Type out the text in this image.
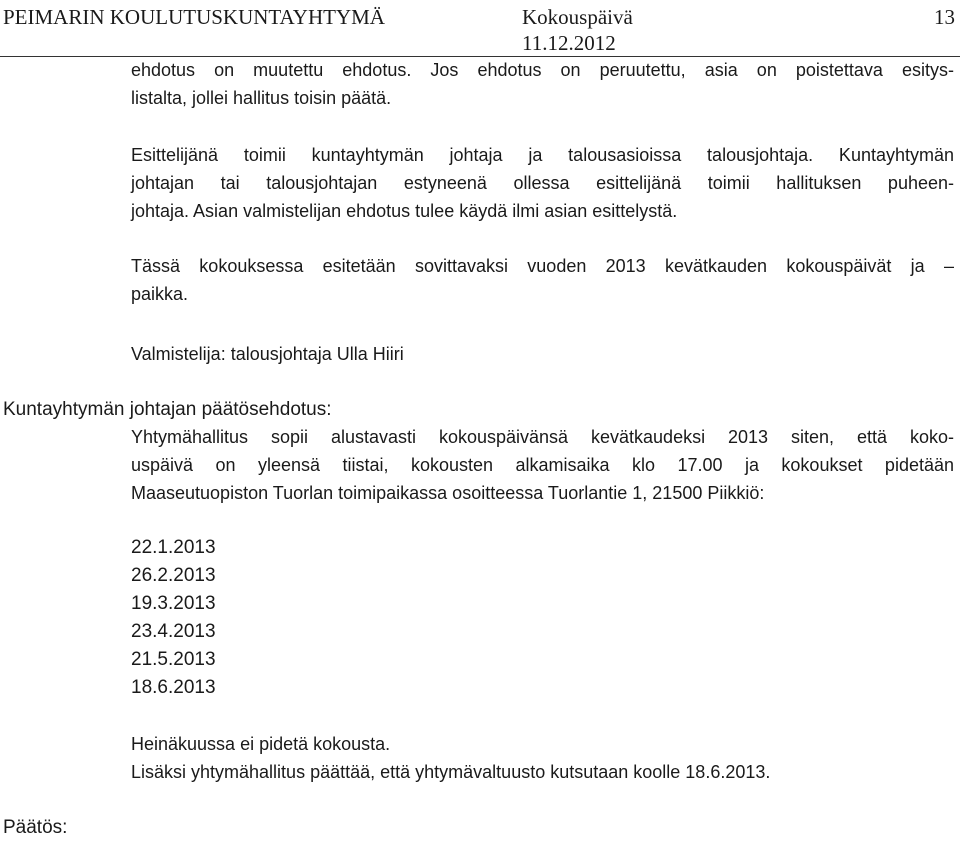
PEIMARIN KOULUTUSKUNTAYHTYMÄ	Kokouspäivä
11.12.2012
13
ehdotus on muutettu ehdotus. Jos ehdotus on peruutettu, asia on poistettava esitys-
listalta, jollei hallitus toisin päätä.
Esittelijänä toimii kuntayhtymän johtaja ja talousasioissa talousjohtaja. Kuntayhtymän
johtajan tai talousjohtajan estyneenä ollessa esittelijänä toimii hallituksen puheen-
johtaja. Asian valmistelijan ehdotus tulee käydä ilmi asian esittelystä.
Tässä kokouksessa esitetään sovittavaksi vuoden 2013 kevätkauden kokouspäivät ja –
paikka.
Valmistelija: talousjohtaja Ulla Hiiri
Kuntayhtymän johtajan päätösehdotus:
Yhtymähallitus sopii alustavasti kokouspäivänsä kevätkaudeksi 2013 siten, että koko-
uspäivä on yleensä tiistai, kokousten alkamisaika klo 17.00 ja kokoukset pidetään
Maaseutuopiston Tuorlan toimipaikassa osoitteessa Tuorlantie 1, 21500 Piikkiö:
22.1.2013
26.2.2013
19.3.2013
23.4.2013
21.5.2013
18.6.2013
Heinäkuussa ei pidetä kokousta.
Lisäksi yhtymähallitus päättää, että yhtymävaltuusto kutsutaan koolle 18.6.2013.
Päätös:
